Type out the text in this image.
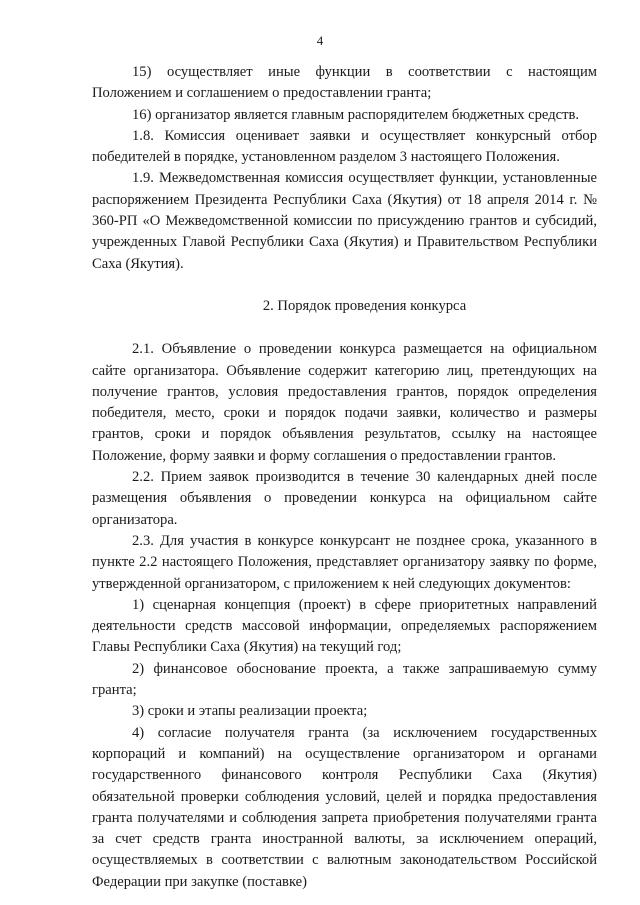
4

15) осуществляет иные функции в соответствии с настоящим Положением и соглашением о предоставлении гранта;

16) организатор является главным распорядителем бюджетных средств.

1.8. Комиссия оценивает заявки и осуществляет конкурсный отбор победителей в порядке, установленном разделом 3 настоящего Положения.

1.9. Межведомственная комиссия осуществляет функции, установленные распоряжением Президента Республики Саха (Якутия) от 18 апреля 2014 г. № 360-РП «О Межведомственной комиссии по присуждению грантов и субсидий, учрежденных Главой Республики Саха (Якутия) и Правительством Республики Саха (Якутия).

2. Порядок проведения конкурса

2.1. Объявление о проведении конкурса размещается на официальном сайте организатора. Объявление содержит категорию лиц, претендующих на получение грантов, условия предоставления грантов, порядок определения победителя, место, сроки и порядок подачи заявки, количество и размеры грантов, сроки и порядок объявления результатов, ссылку на настоящее Положение, форму заявки и форму соглашения о предоставлении грантов.

2.2. Прием заявок производится в течение 30 календарных дней после размещения объявления о проведении конкурса на официальном сайте организатора.

2.3. Для участия в конкурсе конкурсант не позднее срока, указанного в пункте 2.2 настоящего Положения, представляет организатору заявку по форме, утвержденной организатором, с приложением к ней следующих документов:

1) сценарная концепция (проект) в сфере приоритетных направлений деятельности средств массовой информации, определяемых распоряжением Главы Республики Саха (Якутия) на текущий год;

2) финансовое обоснование проекта, а также запрашиваемую сумму гранта;

3) сроки и этапы реализации проекта;

4) согласие получателя гранта (за исключением государственных корпораций и компаний) на осуществление организатором и органами государственного финансового контроля Республики Саха (Якутия) обязательной проверки соблюдения условий, целей и порядка предоставления гранта получателями и соблюдения запрета приобретения получателями гранта за счет средств гранта иностранной валюты, за исключением операций, осуществляемых в соответствии с валютным законодательством Российской Федерации при закупке (поставке)
